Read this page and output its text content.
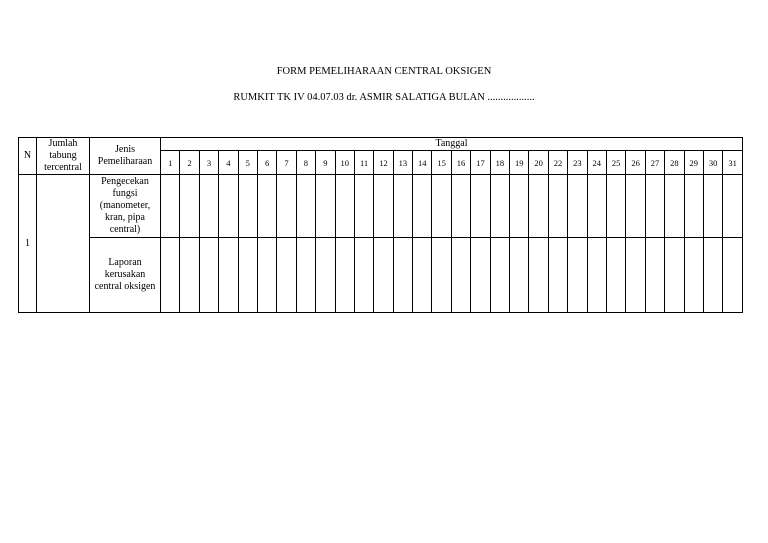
FORM PEMELIHARAAN CENTRAL OKSIGEN
RUMKIT TK IV 04.07.03 dr. ASMIR SALATIGA BULAN ..................
N	Jumlah tabung tercentral	Jenis Pemeliharaan	Tanggal																													
			1	2	3	4	5	6	7	8	9	10	11	12	13	14	15	16	17	18	19	20	22	23	24	25	26	27	28	29	30	31
1		Pengecekan fungsi (manometer, kran, pipa central)																														
		Laporan kerusakan central oksigen																														
